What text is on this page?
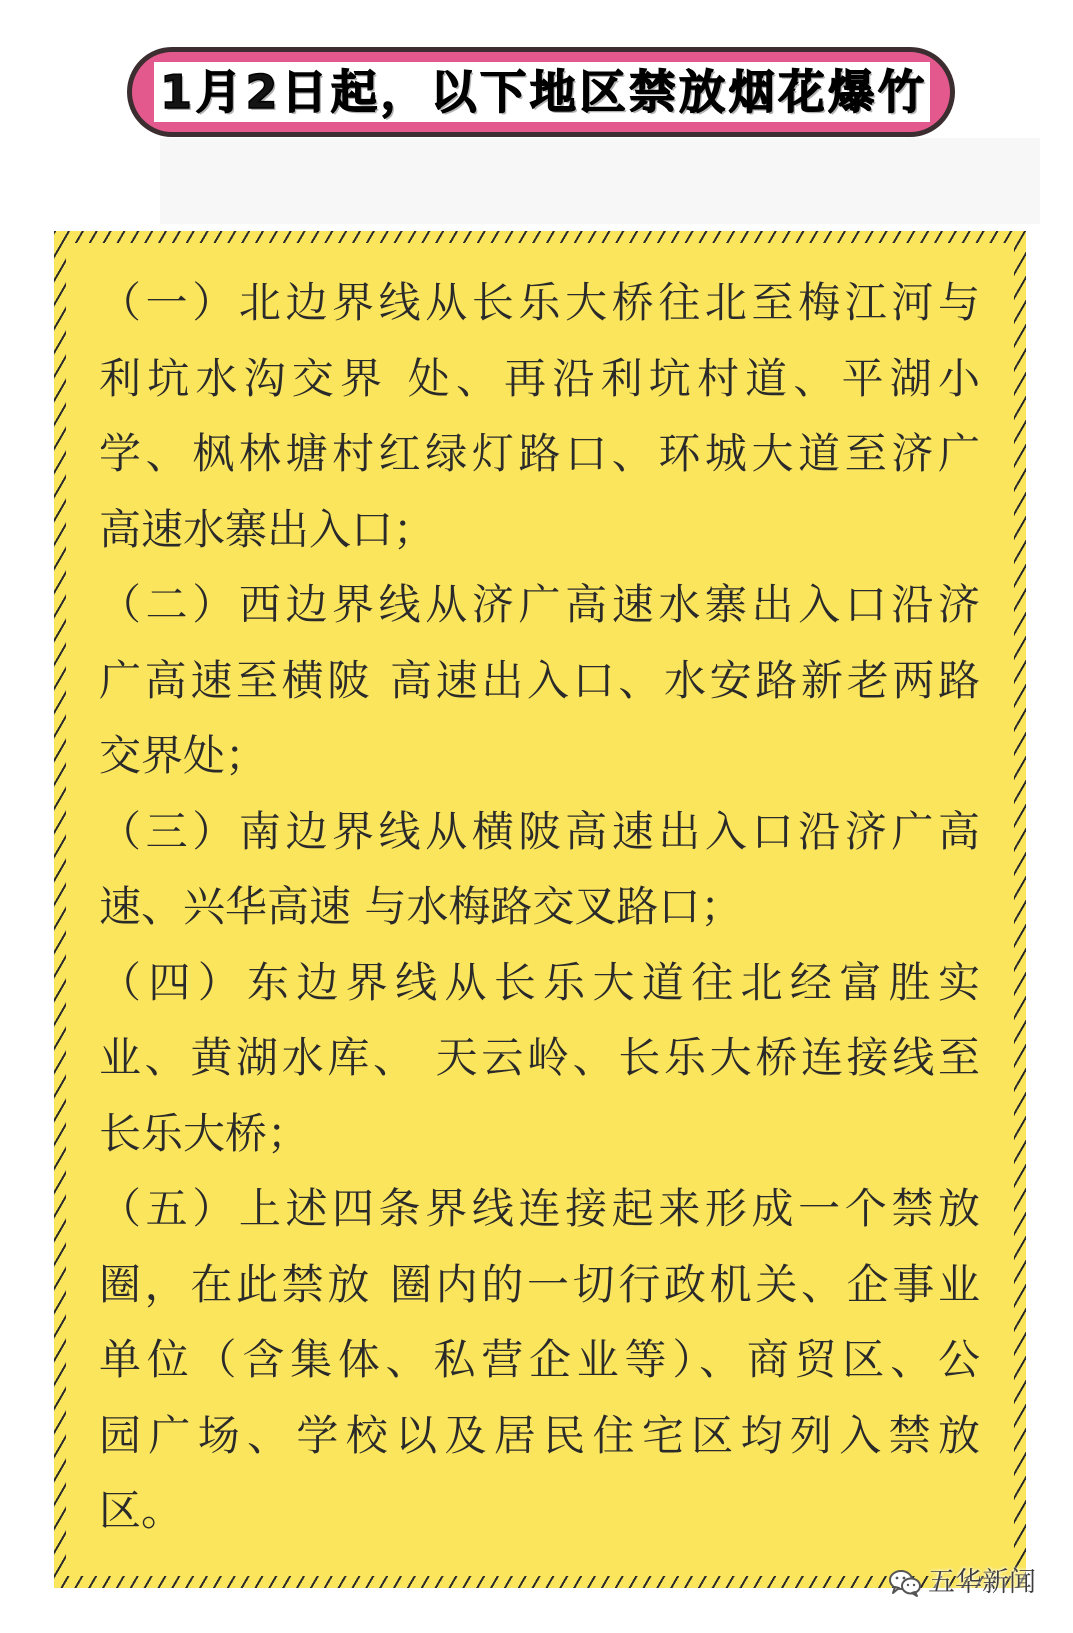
1月2日起，以下地区禁放烟花爆竹
（一）北边界线从长乐大桥往北至梅江河与
利坑水沟交界 处、再沿利坑村道、平湖小
学、枫林塘村红绿灯路口、环城大道至济广
高速水寨出入口；
（二）西边界线从济广高速水寨出入口沿济
广高速至横陂 高速出入口、水安路新老两路
交界处；
（三）南边界线从横陂高速出入口沿济广高
速、兴华高速 与水梅路交叉路口；
（四）东边界线从长乐大道往北经富胜实
业、黄湖水库、 天云岭、长乐大桥连接线至
长乐大桥；
（五）上述四条界线连接起来形成一个禁放
圈，在此禁放 圈内的一切行政机关、企事业
单位（含集体、私营企业等）、商贸区、公
园广场、学校以及居民住宅区均列入禁放
区。
五华新闻
